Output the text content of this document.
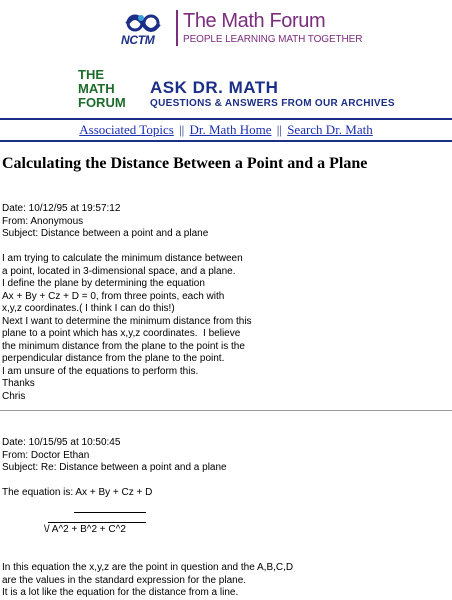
NCTM
The Math Forum
PEOPLE LEARNING MATH TOGETHER
THE
MATH
FORUM
ASK DR. MATH
QUESTIONS & ANSWERS FROM OUR ARCHIVES
Associated Topics || Dr. Math Home || Search Dr. Math
Calculating the Distance Between a Point and a Plane
Date: 10/12/95 at 19:57:12
From: Anonymous
Subject: Distance between a point and a plane
I am trying to calculate the minimum distance between
a point, located in 3-dimensional space, and a plane.
I define the plane by determining the equation
Ax + By + Cz + D = 0, from three points, each with
x,y,z coordinates.( I think I can do this!)
Next I want to determine the minimum distance from this
plane to a point which has x,y,z coordinates.  I believe
the minimum distance from the plane to the point is the
perpendicular distance from the plane to the point.
I am unsure of the equations to perform this.
Thanks
Chris
Date: 10/15/95 at 10:50:45
From: Doctor Ethan
Subject: Re: Distance between a point and a plane
The equation is: Ax + By + Cz + D
\/ A^2 + B^2 + C^2
In this equation the x,y,z are the point in question and the A,B,C,D
are the values in the standard expression for the plane.
It is a lot like the equation for the distance from a line.
